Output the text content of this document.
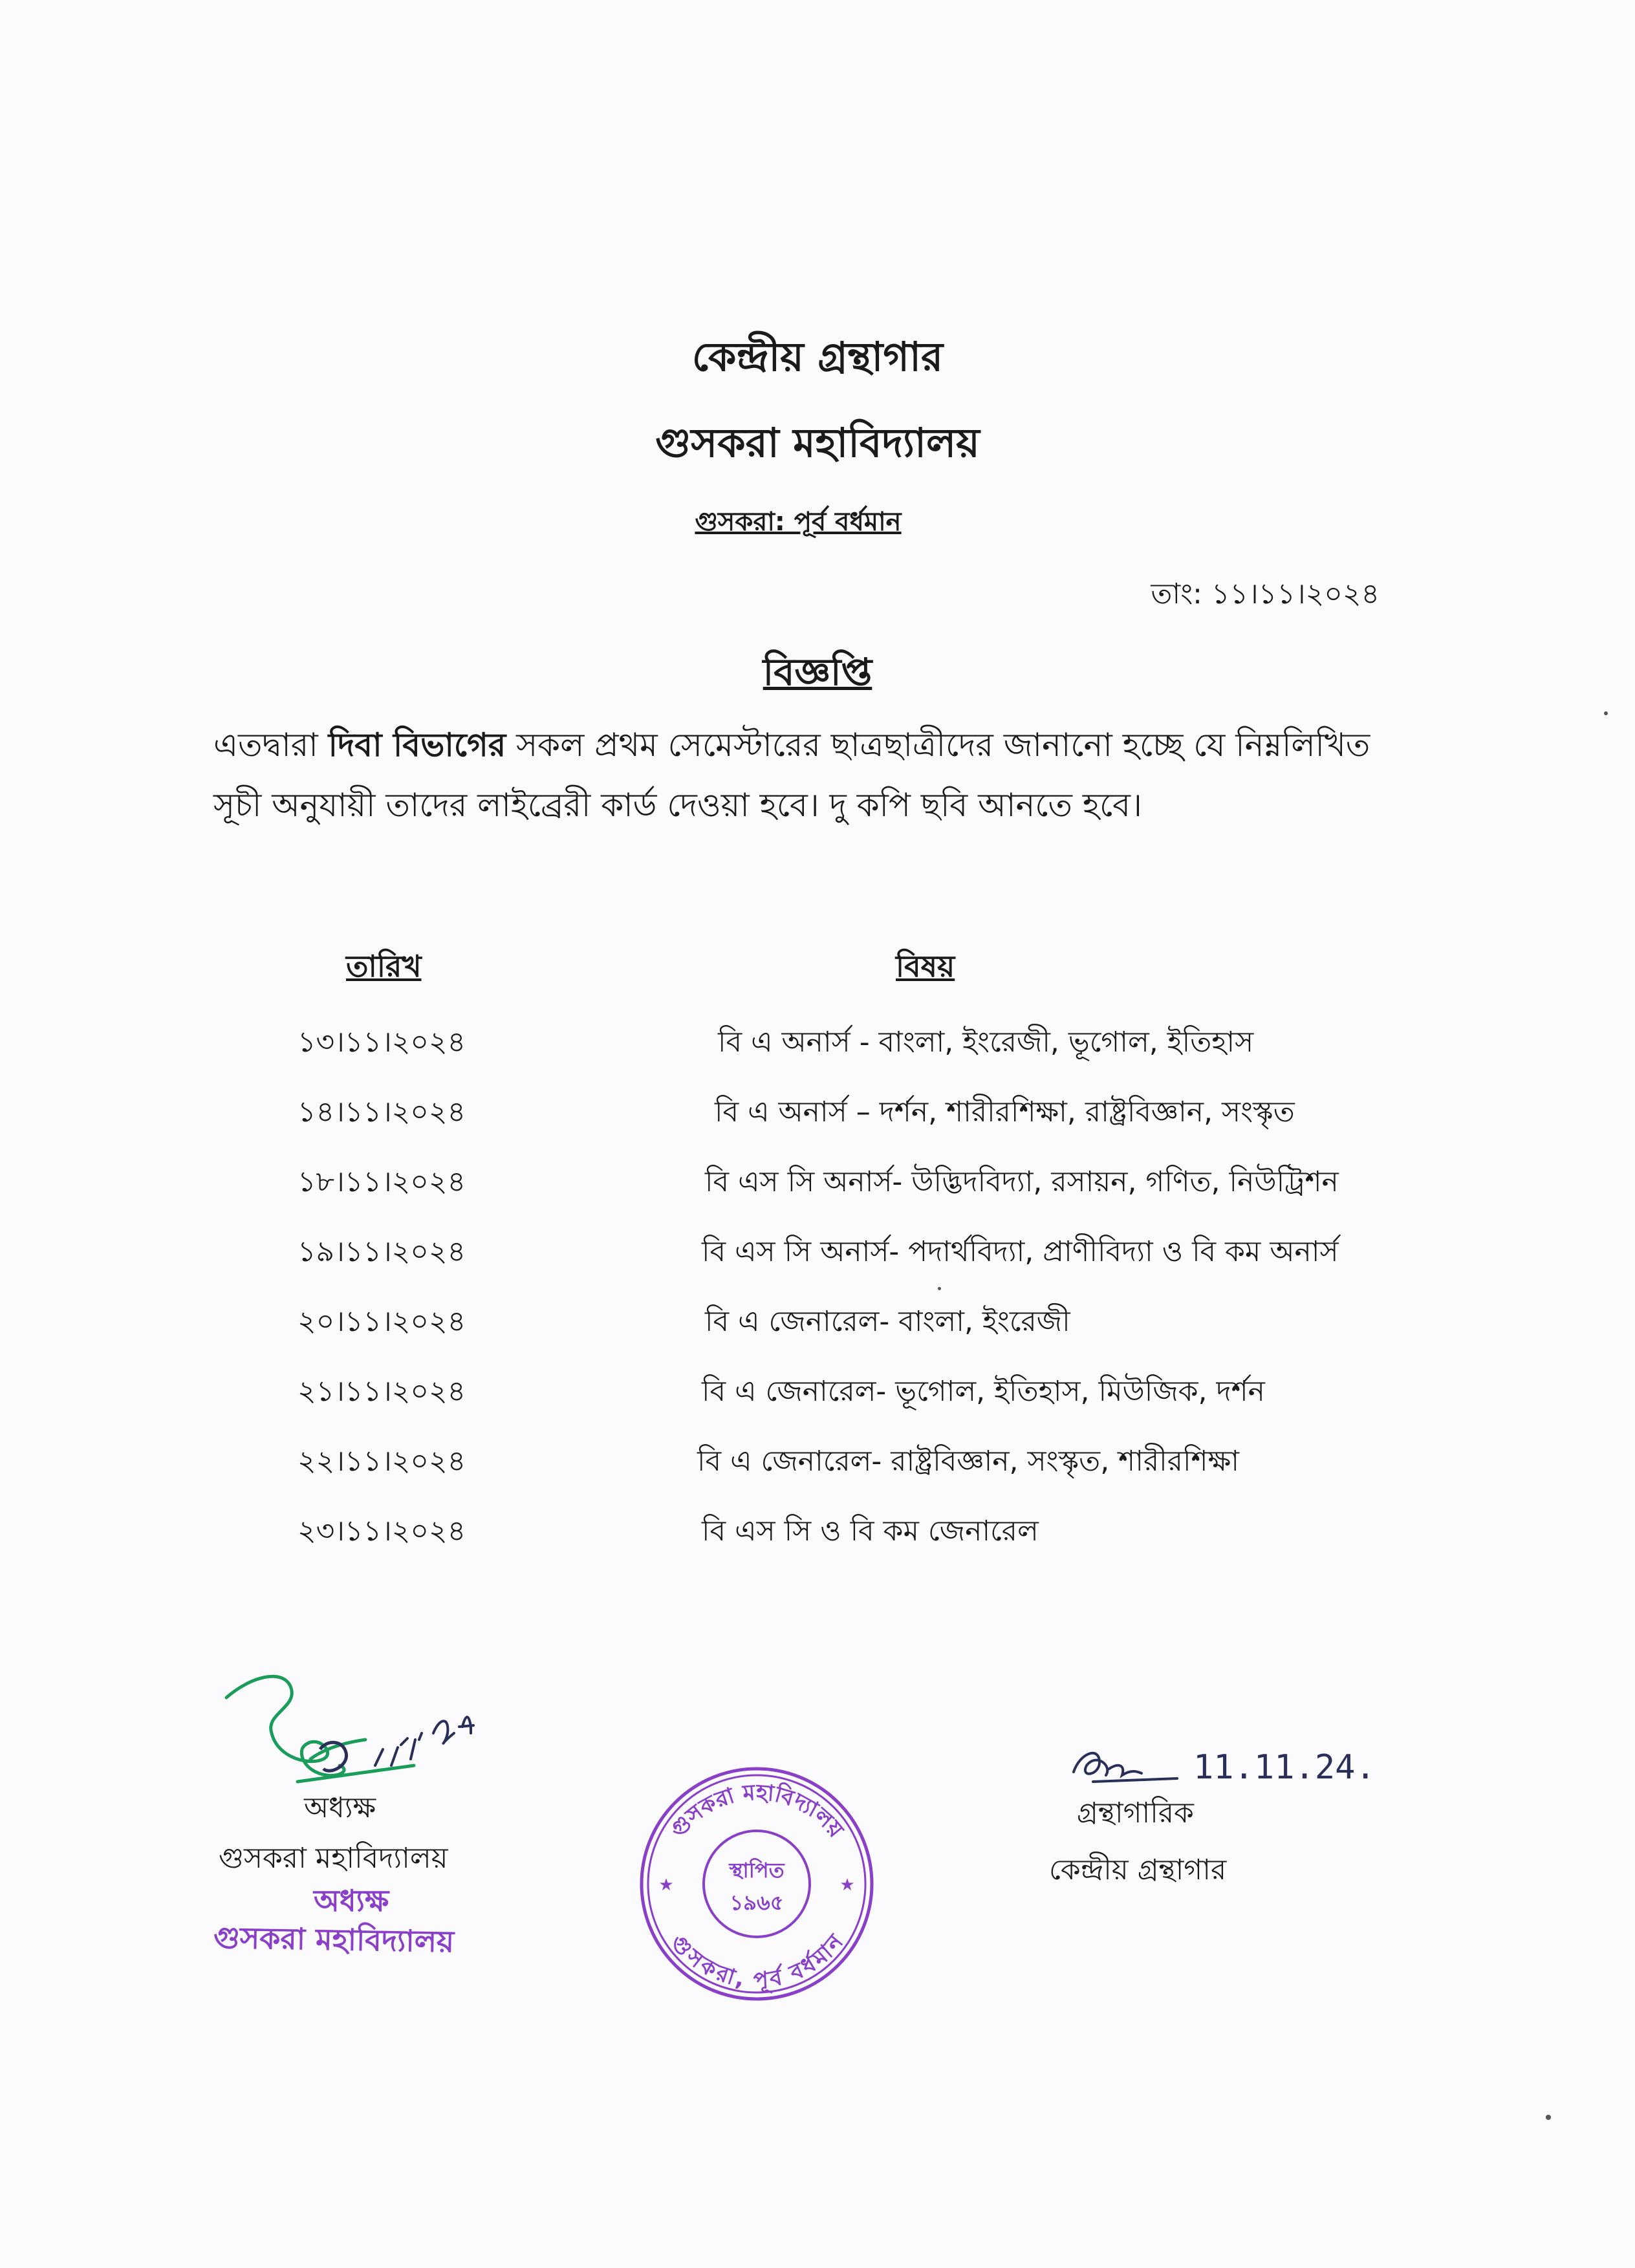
কেন্দ্রীয় গ্রন্থাগার
গুসকরা মহাবিদ্যালয়
গুসকরা: পূর্ব বর্ধমান
তাং: ১১।১১।২০২৪
বিজ্ঞপ্তি
এতদ্বারা দিবা বিভাগের সকল প্রথম সেমেস্টারের ছাত্রছাত্রীদের জানানো হচ্ছে যে নিম্নলিখিত
সূচী অনুযায়ী তাদের লাইব্রেরী কার্ড দেওয়া হবে। দু কপি ছবি আনতে হবে।
তারিখ	বিষয়
১৩।১১।২০২৪	বি এ অনার্স - বাংলা, ইংরেজী, ভূগোল, ইতিহাস
১৪।১১।২০২৪	বি এ অনার্স – দর্শন, শারীরশিক্ষা, রাষ্ট্রবিজ্ঞান, সংস্কৃত
১৮।১১।২০২৪	বি এস সি অনার্স- উদ্ভিদবিদ্যা, রসায়ন, গণিত, নিউট্রিশন
১৯।১১।২০২৪	বি এস সি অনার্স- পদার্থবিদ্যা, প্রাণীবিদ্যা ও বি কম অনার্স
২০।১১।২০২৪	বি এ জেনারেল- বাংলা, ইংরেজী
২১।১১।২০২৪	বি এ জেনারেল- ভূগোল, ইতিহাস, মিউজিক, দর্শন
২২।১১।২০২৪	বি এ জেনারেল- রাষ্ট্রবিজ্ঞান, সংস্কৃত, শারীরশিক্ষা
২৩।১১।২০২৪	বি এস সি ও বি কম জেনারেল
অধ্যক্ষ
গুসকরা মহাবিদ্যালয়
অধ্যক্ষ
গুসকরা মহাবিদ্যালয়
গুসকরা মহাবিদ্যালয়
গুসকরা, পূর্ব বর্ধমান
★	★
স্থাপিত
১৯৬৫
11.11.24.
গ্রন্থাগারিক
কেন্দ্রীয় গ্রন্থাগার
